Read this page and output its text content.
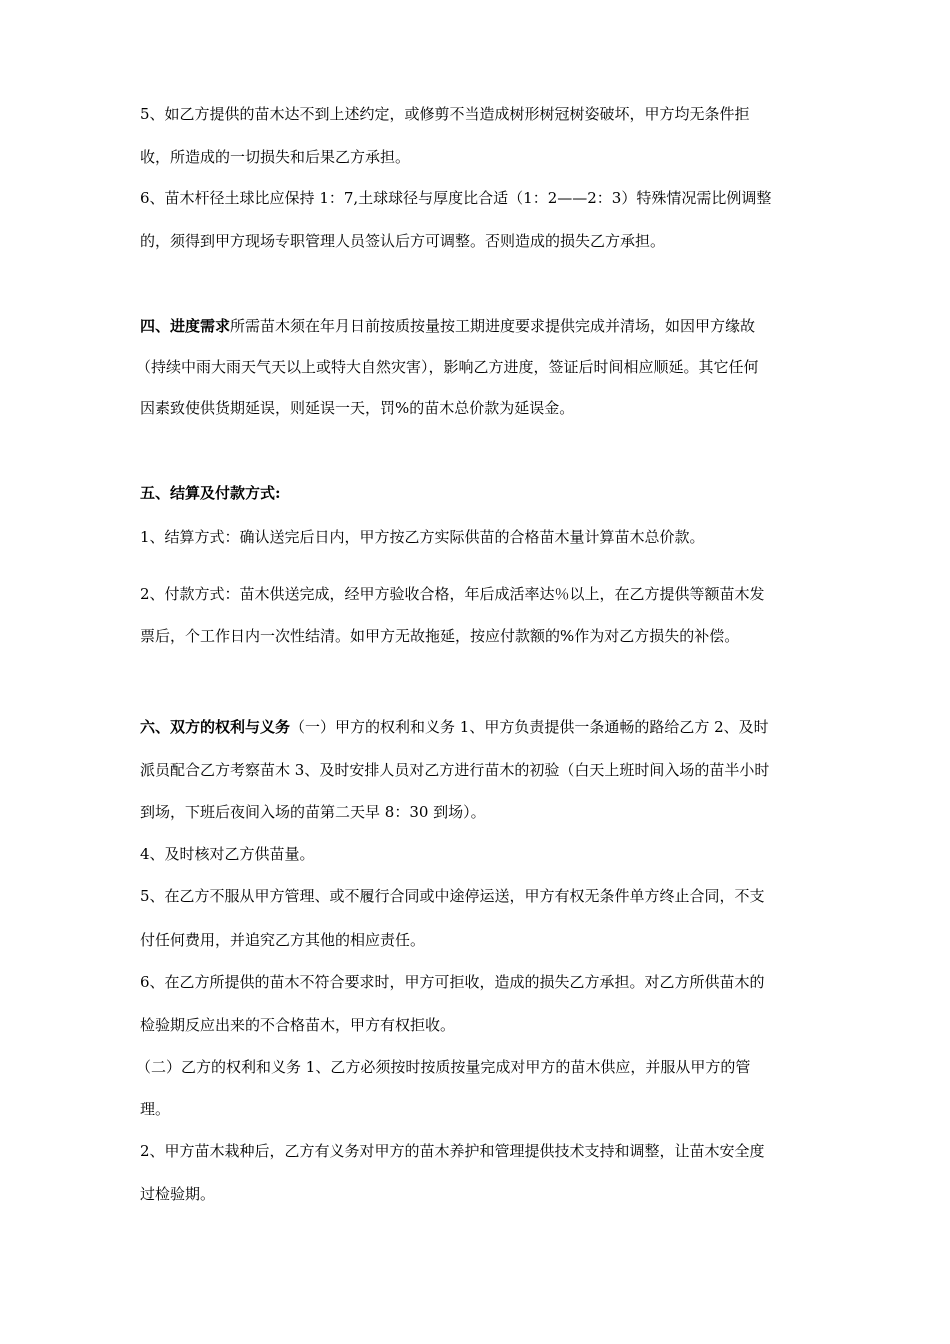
5、如乙方提供的苗木达不到上述约定，或修剪不当造成树形树冠树姿破坏，甲方均无条件拒
收，所造成的一切损失和后果乙方承担。
6、苗木杆径土球比应保持 1：7,土球球径与厚度比合适（1：2——2：3）特殊情况需比例调整
的，须得到甲方现场专职管理人员签认后方可调整。否则造成的损失乙方承担。
四、进度需求所需苗木须在年月日前按质按量按工期进度要求提供完成并清场，如因甲方缘故
（持续中雨大雨天气天以上或特大自然灾害），影响乙方进度，签证后时间相应顺延。其它任何
因素致使供货期延误，则延误一天，罚%的苗木总价款为延误金。
五、结算及付款方式:
1、结算方式：确认送完后日内，甲方按乙方实际供苗的合格苗木量计算苗木总价款。
2、付款方式：苗木供送完成，经甲方验收合格，年后成活率达％以上，在乙方提供等额苗木发
票后，个工作日内一次性结清。如甲方无故拖延，按应付款额的%作为对乙方损失的补偿。
六、双方的权利与义务（一）甲方的权利和义务 1、甲方负责提供一条通畅的路给乙方 2、及时
派员配合乙方考察苗木 3、及时安排人员对乙方进行苗木的初验（白天上班时间入场的苗半小时
到场，下班后夜间入场的苗第二天早 8：30 到场）。
4、及时核对乙方供苗量。
5、在乙方不服从甲方管理、或不履行合同或中途停运送，甲方有权无条件单方终止合同，不支
付任何费用，并追究乙方其他的相应责任。
6、在乙方所提供的苗木不符合要求时，甲方可拒收，造成的损失乙方承担。对乙方所供苗木的
检验期反应出来的不合格苗木，甲方有权拒收。
（二）乙方的权利和义务 1、乙方必须按时按质按量完成对甲方的苗木供应，并服从甲方的管
理。
2、甲方苗木栽种后，乙方有义务对甲方的苗木养护和管理提供技术支持和调整，让苗木安全度
过检验期。
